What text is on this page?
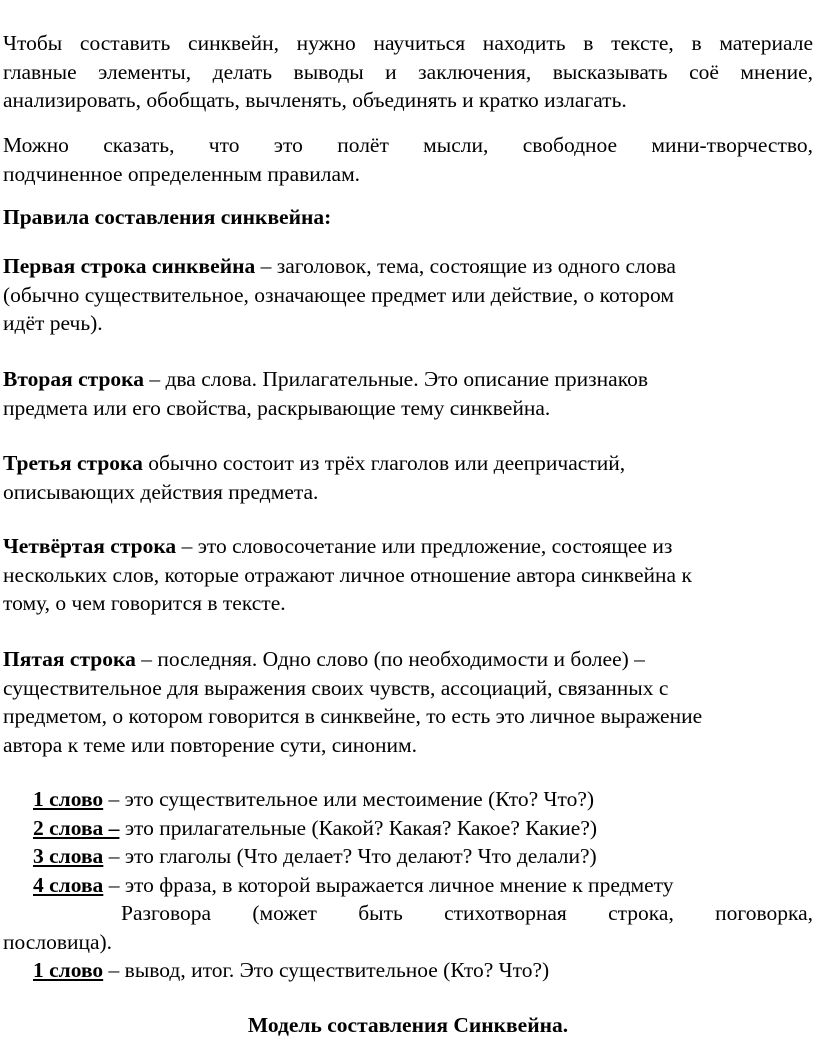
Чтобы составить синквейн, нужно научиться находить в тексте, в материале
главные элементы, делать выводы и заключения, высказывать соё мнение,
анализировать, обобщать, вычленять, объединять и кратко излагать.

Можно сказать, что это полёт мысли, свободное мини-творчество,
подчиненное определенным правилам.

Правила составления синквейна:

Первая строка синквейна – заголовок, тема, состоящие из одного слова
(обычно существительное, означающее предмет или действие, о котором
идёт речь).

Вторая строка – два слова. Прилагательные. Это описание признаков
предмета или его свойства, раскрывающие тему синквейна.

Третья строка обычно состоит из трёх глаголов или деепричастий,
описывающих действия предмета.

Четвёртая строка – это словосочетание или предложение, состоящее из
нескольких слов, которые отражают личное отношение автора синквейна к
тому, о чем говорится в тексте.

Пятая строка – последняя. Одно слово (по необходимости и более) –
существительное для выражения своих чувств, ассоциаций, связанных с
предметом, о котором говорится в синквейне, то есть это личное выражение
автора к теме или повторение сути, синоним.

1 слово – это существительное или местоимение (Кто? Что?)
2 слова – это прилагательные (Какой? Какая? Какое? Какие?)
3 слова – это глаголы (Что делает? Что делают? Что делали?)
4 слова – это фраза, в которой выражается личное мнение к предмету
Разговора (может быть стихотворная строка, поговорка,
пословица).
1 слово – вывод, итог. Это существительное (Кто? Что?)
Модель составления Синквейна.
